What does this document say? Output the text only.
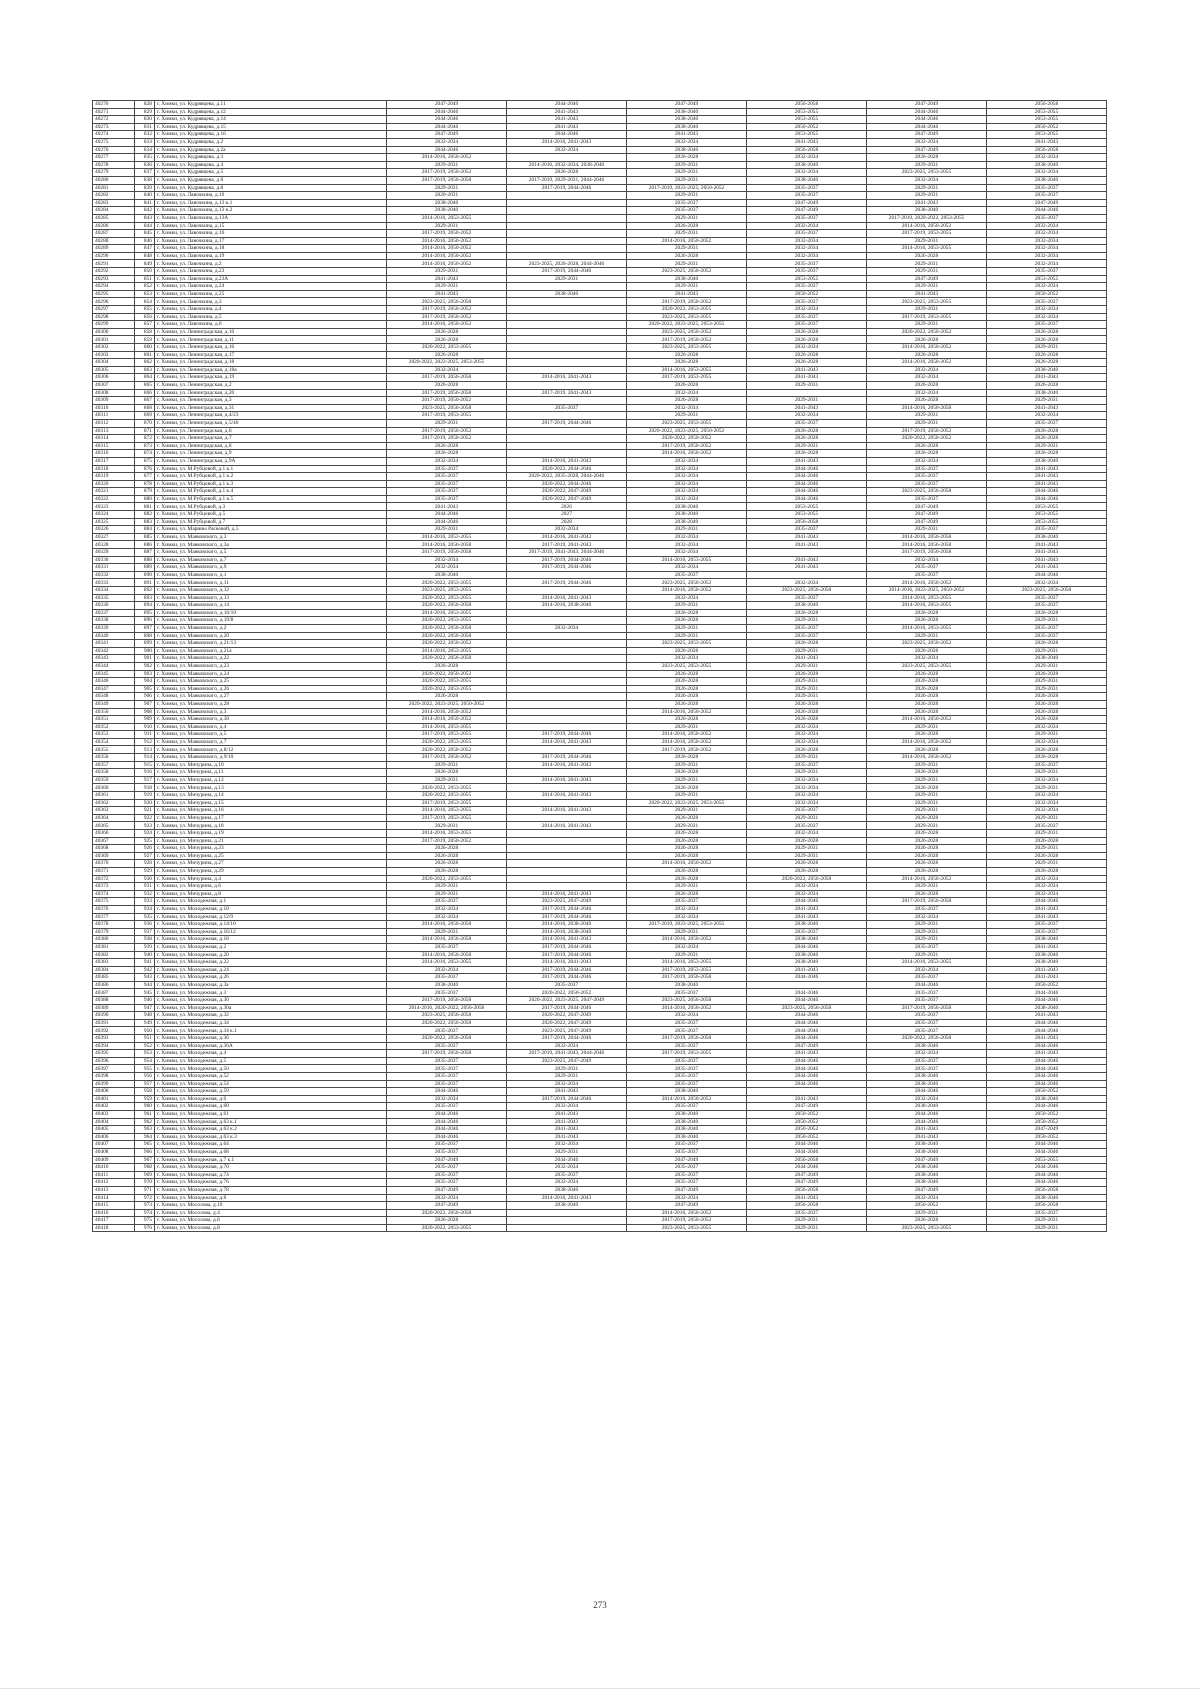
40270	828	г. Химки, ул. Кудрявцева, д.11	2047-2049	2044-2046	2047-2049	2056-2058	2047-2049	2056-2058
40271	829	г. Химки, ул. Кудрявцева, д.12	2044-2046	2041-2043	2038-2040	2053-2055	2044-2046	2053-2055
40272	830	г. Химки, ул. Кудрявцева, д.14	2044-2046	2041-2043	2038-2040	2053-2055	2044-2046	2053-2055
40273	831	г. Химки, ул. Кудрявцева, д.15	2044-2046	2041-2043	2038-2040	2050-2052	2044-2046	2050-2052
40274	832	г. Химки, ул. Кудрявцева, д.16	2047-2049	2044-2046	2041-2043	2053-2055	2047-2049	2053-2055
40275	833	г. Химки, ул. Кудрявцева, д.2	2032-2034	2014-2016, 2041-2043	2032-2034	2041-2043	2032-2034	2041-2043
40276	834	г. Химки, ул. Кудрявцева, д.2а	2044-2046	2032-2034	2038-2040	2056-2058	2047-2049	2056-2058
40277	835	г. Химки, ул. Кудрявцева, д.3	2014-2016, 2050-2052		2026-2028	2032-2034	2026-2028	2032-2034
40278	836	г. Химки, ул. Кудрявцева, д.4	2029-2031	2014-2016, 2032-2034, 2038-2040	2029-2031	2038-2040	2029-2031	2038-2040
40279	837	г. Химки, ул. Кудрявцева, д.5	2017-2019, 2050-2052	2026-2028	2029-2031	2032-2034	2023-2025, 2053-2055	2032-2034
40280	838	г. Химки, ул. Кудрявцева, д.6	2017-2019, 2056-2058	2017-2019, 2029-2031, 2044-2046	2029-2031	2038-2040	2032-2034	2038-2040
40281	839	г. Химки, ул. Кудрявцева, д.8	2029-2031	2017-2019, 2044-2046	2017-2019, 2023-2025, 2050-2052	2035-2037	2029-2031	2035-2037
40282	840	г. Химки, ул. Лавочкина, д.10	2020-2031		2029-2031	2035-2037	2029-2031	2035-2037
40283	841	г. Химки, ул. Лавочкина, д.13 к.1	2038-2040		2035-2037	2047-2049	2041-2043	2047-2049
40284	842	г. Химки, ул. Лавочкина, д.13 к.2	2038-2040		2035-2037	2047-2049	2038-2040	2044-2046
40285	843	г. Химки, ул. Лавочкина, д.13А	2014-2016, 2053-2055		2029-2031	2035-2037	2017-2019, 2020-2022, 2053-2055	2035-2037
40286	844	г. Химки, ул. Лавочкина, д.15	2029-2031		2026-2028	2032-2034	2014-2016, 2050-2052	2032-2034
40287	845	г. Химки, ул. Лавочкина, д.16	2017-2019, 2050-2052		2029-2031	2035-2037	2017-2019, 2053-2055	2032-2034
40288	846	г. Химки, ул. Лавочкина, д.17	2014-2016, 2050-2052		2014-2016, 2050-2052	2032-2034	2029-2031	2032-2034
40289	847	г. Химки, ул. Лавочкина, д.18	2014-2016, 2050-2052		2029-2031	2032-2034	2014-2016, 2053-2055	2032-2034
40290	848	г. Химки, ул. Лавочкина, д.19	2014-2016, 2050-2052		2026-2028	2032-2034	2026-2028	2032-2034
40291	849	г. Химки, ул. Лавочкина, д.2	2014-2016, 2050-2052	2023-2025, 2026-2028, 2044-2046	2029-2031	2035-2037	2029-2031	2032-2034
40292	850	г. Химки, ул. Лавочкина, д.23	2029-2031	2017-2019, 2044-2046	2023-2025, 2050-2052	2035-2037	2029-2031	2035-2037
40293	851	г. Химки, ул. Лавочкина, д.23А	2041-2043	2029-2031	2038-2040	2053-2055	2047-2049	2053-2055
40294	852	г. Химки, ул. Лавочкина, д.24	2029-2031		2029-2031	2035-2037	2029-2031	2032-2034
40295	853	г. Химки, ул. Лавочкина, д.25	2041-2043	2038-2040	2041-2043	2050-2052	2041-2043	2050-2052
40296	854	г. Химки, ул. Лавочкина, д.3	2023-2025, 2056-2058		2017-2019, 2050-2052	2035-2037	2023-2025, 2053-2055	2035-2037
40297	855	г. Химки, ул. Лавочкина, д.4	2017-2019, 2050-2052		2020-2022, 2053-2055	2032-2034	2029-2031	2032-2034
40298	856	г. Химки, ул. Лавочкина, д.5	2017-2019, 2050-2052		2023-2025, 2053-2055	2035-2037	2017-2019, 2053-2055	2032-2034
40299	857	г. Химки, ул. Лавочкина, д.6	2014-2016, 2050-2052		2020-2022, 2023-2025, 2053-2055	2035-2037	2029-2031	2035-2037
40300	858	г. Химки, ул. Ленинградская, д.10	2026-2028		2023-2025, 2050-2052	2026-2028	2020-2022, 2050-2052	2026-2028
40301	859	г. Химки, ул. Ленинградская, д.11	2026-2028		2017-2019, 2050-2052	2026-2028	2026-2028	2026-2028
40302	860	г. Химки, ул. Ленинградская, д.16	2020-2022, 2053-2055		2023-2025, 2053-2055	2032-2034	2014-2016, 2050-2052	2029-2031
40303	861	г. Химки, ул. Ленинградская, д.17	2026-2028		2026-2028	2026-2028	2026-2028	2026-2028
40304	862	г. Химки, ул. Ленинградская, д.18	2020-2022, 2023-2025, 2053-2055		2026-2028	2026-2028	2014-2016, 2050-2052	2026-2028
40305	863	г. Химки, ул. Ленинградская, д.18а	2032-2034		2014-2016, 2053-2055	2041-2043	2032-2034	2038-2040
40306	864	г. Химки, ул. Ленинградская, д.19	2017-2019, 2056-2058	2014-2016, 2041-2043	2017-2019, 2053-2055	2041-2043	2032-2034	2041-2043
40307	865	г. Химки, ул. Ленинградская, д.2	2026-2028		2026-2028	2029-2031	2026-2028	2026-2028
40308	866	г. Химки, ул. Ленинградская, д.20	2017-2019, 2056-2058	2017-2019, 2041-2043	2032-2034		2032-2034	2038-2040
40309	867	г. Химки, ул. Ленинградская, д.3	2017-2019, 2050-2052		2026-2028	2029-2031	2026-2028	2029-2031
40310	868	г. Химки, ул. Ленинградская, д.31	2023-2025, 2056-2058	2035-2037	2032-2034	2041-2043	2014-2016, 2050-2058	2041-2043
40311	869	г. Химки, ул. Ленинградская, д.4/23	2017-2019, 2053-2055		2029-2031	2032-2034	2029-2031	2032-2034
40312	870	г. Химки, ул. Ленинградская, д.5/40	2029-2031	2017-2019, 2044-2046	2023-2025, 2053-2055	2035-2037	2029-2031	2035-2037
40313	871	г. Химки, ул. Ленинградская, д.6	2017-2019, 2050-2052		2020-2022, 2023-2025, 2050-2052	2026-2028	2017-2019, 2050-2052	2026-2028
40314	872	г. Химки, ул. Ленинградская, д.7	2017-2019, 2050-2052		2020-2022, 2050-2052	2026-2028	2020-2022, 2050-2052	2026-2028
40315	873	г. Химки, ул. Ленинградская, д.8	2026-2028		2017-2019, 2050-2052	2029-2031	2026-2028	2029-2031
40316	874	г. Химки, ул. Ленинградская, д.9	2026-2028		2014-2016, 2050-2052	2026-2028	2026-2028	2026-2028
40317	875	г. Химки, ул. Ленинградская, д.9А	2032-2034	2014-2016, 2041-2043	2032-2034	2041-2043	2032-2034	2038-2040
40318	876	г. Химки, ул. М.Рубцовой, д.1 к.1	2035-2037	2020-2022, 2044-2046	2032-2034	2044-2046	2035-2037	2041-2043
40319	877	г. Химки, ул. М.Рубцовой, д.1 к.2	2035-2037	2020-2022, 2035-2028, 2044-2046	2032-2034	2044-2046	2035-2037	2041-2043
40320	878	г. Химки, ул. М.Рубцовой, д.1 к.3	2035-2037	2020-2022, 2044-2046	2032-2034	2044-2046	2035-2037	2041-2043
40321	879	г. Химки, ул. М.Рубцовой, д.1 к.4	2035-2037	2020-2022, 2047-2049	2032-2034	2044-2046	2023-2025, 2056-2058	2044-2046
40322	880	г. Химки, ул. М.Рубцовой, д.1 к.5	2035-2037	2020-2022, 2047-2049	2032-2034	2044-2046	2035-2037	2044-2046
40323	881	г. Химки, ул. М.Рубцовой, д.3	2041-2043	2026	2038-2040	2053-2055	2047-2049	2053-2055
40324	882	г. Химки, ул. М.Рубцовой, д.5	2044-2046	2027	2038-2040	2053-2055	2047-2049	2053-2055
40325	883	г. Химки, ул. М.Рубцовой, д.7	2044-2046	2028	2038-2040	2056-2058	2047-2049	2053-2055
40326	884	г. Химки, ул. Марины Расковой, д.5	2029-2031	2032-2034	2029-2031	2035-2037	2029-2031	2035-2037
40327	885	г. Химки, ул. Маяковского, д.3	2014-2016, 2053-2055	2014-2016, 2041-2043	2032-2034	2041-2043	2014-2016, 2056-2058	2038-2040
40328	886	г. Химки, ул. Маяковского, д.3а	2014-2016, 2056-2058	2017-2019, 2041-2043	2032-2034	2041-2043	2014-2016, 2056-2058	2041-2043
40329	887	г. Химки, ул. Маяковского, д.5	2017-2019, 2056-2058	2017-2019, 2041-2043, 2044-2046	2032-2034		2017-2019, 2056-2058	2041-2043
40330	888	г. Химки, ул. Маяковского, д.7	2032-2034	2017-2019, 2044-2046	2014-2016, 2053-2055	2041-2043	2032-2034	2041-2043
40331	889	г. Химки, ул. Маяковского, д.9	2032-2034	2017-2019, 2044-2046	2032-2034	2041-2043	2035-2037	2041-2043
40332	890	г. Химки, ул. Маяковского, д.1	2038-2040		2035-2037		2035-2037	2044-2046
40333	891	г. Химки, ул. Маяковского, д.11	2020-2022, 2053-2055	2017-2019, 2044-2046	2023-2025, 2050-2052	2032-2034	2014-2016, 2050-2052	2032-2034
40334	892	г. Химки, ул. Маяковского, д.12	2023-2025, 2053-2055		2014-2016, 2050-2052	2023-2025, 2056-2058	2014-2016, 2023-2025, 2050-2052	2023-2025, 2056-2058
40335	893	г. Химки, ул. Маяковского, д.13	2020-2022, 2053-2055	2014-2016, 2041-2043	2032-2034	2035-2037	2014-2016, 2053-2055	2035-2037
40336	894	г. Химки, ул. Маяковского, д.14	2020-2022, 2056-2058	2014-2016, 2038-2040	2029-2031	2038-2040	2014-2016, 2053-2055	2035-2037
40337	895	г. Химки, ул. Маяковского, д.16/10	2014-2016, 2053-2055		2026-2028	2026-2028	2026-2028	2026-2028
40338	896	г. Химки, ул. Маяковского, д.19/8	2020-2022, 2053-2055		2026-2028	2029-2031	2026-2028	2029-2031
40339	897	г. Химки, ул. Маяковского, д.2	2020-2022, 2056-2058	2032-2034	2029-2031	2035-2037	2014-2016, 2053-2055	2035-2037
40340	898	г. Химки, ул. Маяковского, д.20	2020-2022, 2056-2058		2029-2031	2035-2037	2029-2031	2035-2037
40341	899	г. Химки, ул. Маяковского, д.21/13	2020-2022, 2050-2052		2023-2025, 2053-2055	2026-2028	2023-2025, 2050-2052	2026-2028
40342	900	г. Химки, ул. Маяковского, д.21а	2014-2016, 2053-2055		2026-2028	2029-2031	2026-2028	2029-2031
40343	901	г. Химки, ул. Маяковского, д.22	2020-2022, 2056-2058		2032-2034	2041-2043	2032-2034	2038-2040
40344	902	г. Химки, ул. Маяковского, д.23	2026-2028		2023-2025, 2053-2055	2029-2031	2023-2025, 2053-2055	2029-2031
40345	903	г. Химки, ул. Маяковского, д.24	2020-2022, 2050-2052		2026-2028	2026-2028	2026-2028	2026-2028
40346	904	г. Химки, ул. Маяковского, д.25	2020-2022, 2053-2055		2026-2028	2029-2031	2026-2028	2029-2031
40347	905	г. Химки, ул. Маяковского, д.26	2020-2022, 2053-2055		2026-2028	2029-2031	2026-2028	2029-2031
40348	906	г. Химки, ул. Маяковского, д.27	2026-2028		2026-2028	2029-2031	2026-2028	2026-2028
40349	907	г. Химки, ул. Маяковского, д.28	2020-2022, 2023-2025, 2050-2052		2026-2028	2026-2028	2026-2028	2026-2028
40350	908	г. Химки, ул. Маяковского, д.3	2014-2016, 2050-2052		2014-2016, 2050-2052	2026-2028	2026-2028	2026-2028
40351	909	г. Химки, ул. Маяковского, д.30	2014-2016, 2050-2052		2026-2028	2026-2028	2014-2016, 2050-2052	2026-2028
40352	910	г. Химки, ул. Маяковского, д.4	2014-2016, 2053-2055		2029-2031	2032-2034	2029-2031	2032-2034
40353	911	г. Химки, ул. Маяковского, д.5	2017-2019, 2053-2055	2017-2019, 2044-2046	2014-2016, 2050-2052	2032-2034	2026-2028	2029-2031
40354	912	г. Химки, ул. Маяковского, д.7	2020-2022, 2053-2055	2014-2016, 2041-2043	2014-2016, 2050-2052	2032-2034	2014-2016, 2050-2052	2032-2034
40355	913	г. Химки, ул. Маяковского, д.8/12	2020-2022, 2050-2052		2017-2019, 2050-2052	2026-2028	2026-2028	2026-2028
40356	914	г. Химки, ул. Маяковского, д.9/10	2017-2019, 2050-2052	2017-2019, 2044-2046	2026-2028	2029-2031	2014-2016, 2050-2052	2026-2028
40357	915	г. Химки, ул. Мичурина, д.10	2029-2031	2014-2016, 2041-2043	2029-2031	2035-2037	2029-2031	2035-2037
40358	916	г. Химки, ул. Мичурина, д.11	2026-2028		2026-2028	2029-2031	2026-2028	2029-2031
40359	917	г. Химки, ул. Мичурина, д.12	2029-2031	2014-2016, 2041-2043	2029-2031	2032-2034	2029-2031	2032-2034
40360	918	г. Химки, ул. Мичурина, д.13	2020-2022, 2053-2055		2026-2028	2032-2034	2026-2028	2029-2031
40361	919	г. Химки, ул. Мичурина, д.14	2020-2022, 2053-2055	2014-2016, 2041-2043	2029-2031	2032-2034	2029-2031	2032-2034
40362	920	г. Химки, ул. Мичурина, д.15	2017-2019, 2053-2055		2020-2022, 2023-2025, 2053-2055	2032-2034	2029-2031	2032-2034
40363	921	г. Химки, ул. Мичурина, д.16	2014-2016, 2053-2055	2014-2016, 2041-2043	2029-2031	2035-2037	2029-2031	2032-2034
40364	922	г. Химки, ул. Мичурина, д.17	2017-2019, 2053-2055		2026-2028	2029-2031	2026-2028	2029-2031
40365	923	г. Химки, ул. Мичурина, д.18	2029-2031	2014-2016, 2041-2043	2029-2031	2035-2037	2029-2031	2035-2037
40366	924	г. Химки, ул. Мичурина, д.19	2014-2016, 2053-2055		2026-2028	2032-2034	2026-2028	2029-2031
40367	925	г. Химки, ул. Мичурина, д.21	2017-2019, 2050-2052		2026-2028	2026-2028	2026-2028	2026-2028
40368	926	г. Химки, ул. Мичурина, д.23	2026-2028		2026-2028	2029-2031	2026-2028	2029-2031
40369	927	г. Химки, ул. Мичурина, д.25	2026-2028		2026-2028	2029-2031	2026-2028	2026-2028
40370	928	г. Химки, ул. Мичурина, д.27	2026-2028		2014-2016, 2050-2052	2026-2028	2026-2028	2029-2031
40371	929	г. Химки, ул. Мичурина, д.29	2026-2028		2026-2028	2026-2028	2026-2028	2026-2028
40372	930	г. Химки, ул. Мичурина, д.4	2020-2022, 2053-2055		2026-2028	2020-2022, 2056-2058	2014-2016, 2050-2052	2032-2034
40373	931	г. Химки, ул. Мичурина, д.6	2029-2031		2029-2031	2032-2034	2029-2031	2032-2034
40374	932	г. Химки, ул. Мичурина, д.8	2029-2031	2014-2016, 2041-2043	2026-2028	2032-2034	2026-2028	2032-2034
40375	933	г. Химки, ул. Молодежная, д.1	2035-2037	2023-2025, 2047-2049	2035-2037	2044-2046	2017-2019, 2056-2058	2044-2046
40376	934	г. Химки, ул. Молодежная, д.10	2032-2034	2017-2019, 2044-2046	2032-2034	2041-2043	2035-2037	2041-2043
40377	935	г. Химки, ул. Молодежная, д.12/9	2032-2034	2017-2019, 2044-2046	2032-2034	2041-2043	2032-2034	2041-2043
40378	936	г. Химки, ул. Молодежная, д.14/10	2014-2016, 2056-2058	2014-2016, 2038-2040	2017-2019, 2023-2025, 2053-2055	2038-2040	2029-2031	2035-2037
40379	937	г. Химки, ул. Молодежная, д.16/12	2029-2031	2014-2016, 2038-2040	2029-2031	2035-2037	2029-2031	2035-2037
40380	938	г. Химки, ул. Молодежная, д.18	2014-2016, 2056-2058	2014-2016, 2041-2043	2014-2016, 2050-2052	2038-2040	2029-2031	2038-2040
40381	939	г. Химки, ул. Молодежная, д.2	2035-2037	2017-2019, 2044-2046	2032-2034	2044-2046	2035-2037	2041-2043
40382	940	г. Химки, ул. Молодежная, д.20	2014-2016, 2056-2058	2017-2019, 2044-2046	2029-2031	2038-2040	2029-2031	2038-2040
40383	941	г. Химки, ул. Молодежная, д.22	2014-2016, 2053-2055	2014-2016, 2041-2043	2014-2016, 2053-2055	2038-2040	2014-2016, 2053-2055	2038-2040
40384	942	г. Химки, ул. Молодежная, д.24	2032-2034	2017-2019, 2044-2046	2017-2019, 2053-2055	2041-2043	2032-2034	2041-2043
40385	943	г. Химки, ул. Молодежная, д.26	2035-2037	2017-2019, 2044-2046	2017-2019, 2056-2058	2044-2046	2035-2037	2041-2043
40386	944	г. Химки, ул. Молодежная, д.3а	2038-2040	2035-2037	2038-2040		2044-2046	2050-2052
40387	945	г. Химки, ул. Молодежная, д.3	2035-2037	2020-2022, 2050-2052	2035-2037	2044-2046	2035-2037	2044-2046
40388	946	г. Химки, ул. Молодежная, д.30	2017-2019, 2056-2058	2020-2022, 2023-2025, 2047-2049	2023-2025, 2056-2058	2044-2046	2035-2037	2044-2046
40389	947	г. Химки, ул. Молодежная, д.30а	2014-2016, 2020-2022, 2056-2058	2017-2019, 2044-2046	2014-2016, 2050-2052	2023-2025, 2056-2058	2017-2019, 2056-2058	2038-2040
40390	948	г. Химки, ул. Молодежная, д.32	2023-2025, 2056-2058	2020-2022, 2047-2049	2032-2034	2044-2046	2035-2037	2041-2043
40391	949	г. Химки, ул. Молодежная, д.34	2020-2022, 2056-2058	2020-2022, 2047-2049	2035-2037	2044-2046	2035-2037	2044-2046
40392	950	г. Химки, ул. Молодежная, д.34 к.1	2035-2037	2023-2025, 2047-2049	2035-2037	2044-2046	2035-2037	2044-2046
40393	951	г. Химки, ул. Молодежная, д.36	2020-2022, 2056-2058	2017-2019, 2044-2046	2017-2019, 2056-2058	2044-2046	2020-2022, 2056-2058	2041-2043
40394	952	г. Химки, ул. Молодежная, д.36А	2035-2037	2032-2034	2035-2037	2047-2049	2038-2040	2044-2046
40395	953	г. Химки, ул. Молодежная, д.4	2017-2019, 2056-2058	2017-2019, 2041-2043, 2044-2046	2017-2019, 2053-2055	2041-2043	2032-2034	2041-2043
40396	954	г. Химки, ул. Молодежная, д.5	2035-2037	2023-2025, 2047-2049	2035-2037	2044-2046	2035-2037	2044-2046
40397	955	г. Химки, ул. Молодежная, д.50	2035-2037	2029-2031	2035-2037	2044-2046	2035-2037	2044-2046
40398	956	г. Химки, ул. Молодежная, д.52	2035-2037	2029-2031	2035-2037	2044-2046	2038-2040	2044-2046
40399	957	г. Химки, ул. Молодежная, д.54	2035-2037	2032-2034	2035-2037	2044-2046	2038-2040	2044-2046
40400	958	г. Химки, ул. Молодежная, д.59	2044-2046	2041-2043	2038-2040		2044-2046	2050-2052
40401	959	г. Химки, ул. Молодежная, д.6	2032-2034	2017-2019, 2044-2046	2014-2016, 2050-2052	2041-2043	2032-2034	2038-2040
40402	960	г. Химки, ул. Молодежная, д.60	2035-2037	2032-2034	2035-2037	2047-2049	2038-2040	2044-2046
40403	961	г. Химки, ул. Молодежная, д.61	2044-2046	2041-2043	2038-2040	2050-2052	2044-2046	2050-2052
40404	962	г. Химки, ул. Молодежная, д.63 к.1	2044-2046	2041-2043	2038-2040	2050-2052	2044-2046	2050-2052
40405	963	г. Химки, ул. Молодежная, д.63 к.2	2044-2046	2041-2043	2038-2040	2050-2052	2041-2043	2047-2049
40406	964	г. Химки, ул. Молодежная, д.63 к.3	2044-2046	2041-2043	2038-2040	2050-2052	2041-2043	2050-2052
40407	965	г. Химки, ул. Молодежная, д.64	2035-2037	2032-2034	2035-2037	2044-2046	2038-2040	2044-2046
40408	966	г. Химки, ул. Молодежная, д.68	2035-2037	2029-2031	2035-2037	2044-2046	2038-2040	2044-2046
40409	967	г. Химки, ул. Молодежная, д.7 к.1	2047-2049	2044-2046	2047-2049	2056-2058	2047-2049	2053-2055
40410	968	г. Химки, ул. Молодежная, д.70	2035-2037	2032-2034	2035-2037	2044-2046	2038-2040	2044-2046
40411	969	г. Химки, ул. Молодежная, д.74	2035-2037	2035-2037	2035-2037	2047-2049	2038-2040	2044-2046
40412	970	г. Химки, ул. Молодежная, д.76	2035-2037	2032-2034	2035-2037	2047-2049	2038-2040	2044-2046
40413	971	г. Химки, ул. Молодежная, д.78	2047-2049	2038-2040	2047-2049	2056-2058	2047-2049	2056-2058
40414	972	г. Химки, ул. Молодежная, д.8	2032-2034	2014-2016, 2041-2043	2032-2034	2041-2043	2032-2034	2038-2040
40415	973	г. Химки, ул. Мосолова, д.10	2047-2049	2038-2040	2047-2049	2056-2058	2050-2052	2056-2058
40416	974	г. Химки, ул. Мосолова, д.4	2020-2022, 2056-2058		2014-2016, 2050-2052	2035-2037	2029-2031	2035-2037
40417	975	г. Химки, ул. Мосолова, д.6	2026-2028		2017-2019, 2050-2052	2029-2031	2026-2028	2029-2031
40418	976	г. Химки, ул. Мосолова, д.8	2020-2022, 2053-2055		2023-2025, 2053-2055	2029-2031	2023-2025, 2053-2055	2029-2031
273
